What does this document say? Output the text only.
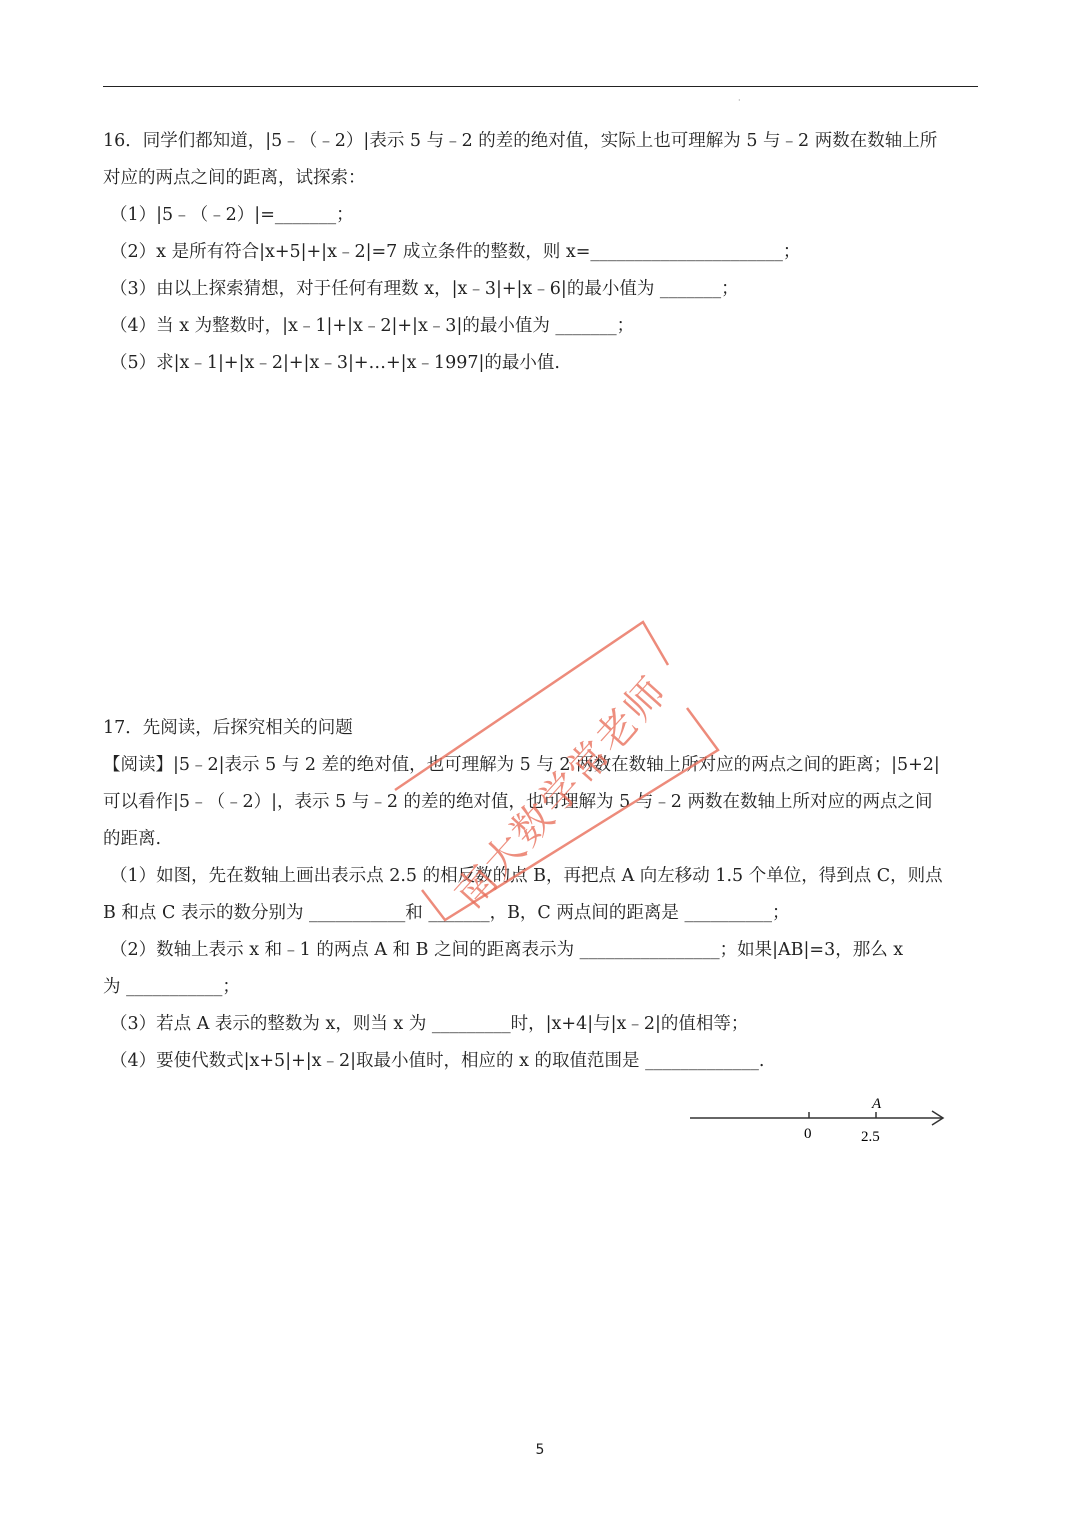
·
16．同学们都知道，|5﹣（﹣2）|表示 5 与﹣2 的差的绝对值，实际上也可理解为 5 与﹣2 两数在数轴上所
对应的两点之间的距离，试探索：
（1）|5﹣（﹣2）|=_______；
（2）x 是所有符合|x+5|+|x﹣2|=7 成立条件的整数，则 x=______________________；
（3）由以上探索猜想，对于任何有理数 x，|x﹣3|+|x﹣6|的最小值为 _______；
（4）当 x 为整数时，|x﹣1|+|x﹣2|+|x﹣3|的最小值为 _______；
（5）求|x﹣1|+|x﹣2|+|x﹣3|+…+|x﹣1997|的最小值.
17．先阅读，后探究相关的问题
【阅读】|5﹣2|表示 5 与 2 差的绝对值，也可理解为 5 与 2 两数在数轴上所对应的两点之间的距离；|5+2|
可以看作|5﹣（﹣2）|，表示 5 与﹣2 的差的绝对值，也可理解为 5 与﹣2 两数在数轴上所对应的两点之间
的距离.
（1）如图，先在数轴上画出表示点 2.5 的相反数的点 B，再把点 A 向左移动 1.5 个单位，得到点 C，则点
B 和点 C 表示的数分别为 ___________和 _______，B，C 两点间的距离是 __________；
（2）数轴上表示 x 和﹣1 的两点 A 和 B 之间的距离表示为 ________________；如果|AB|=3，那么 x
为 ___________；
（3）若点 A 表示的整数为 x，则当 x 为 _________时，|x+4|与|x﹣2|的值相等；
（4）要使代数式|x+5|+|x﹣2|取最小值时，相应的 x 的取值范围是 _____________.
0	2.5
A
南大数学常老师
5
